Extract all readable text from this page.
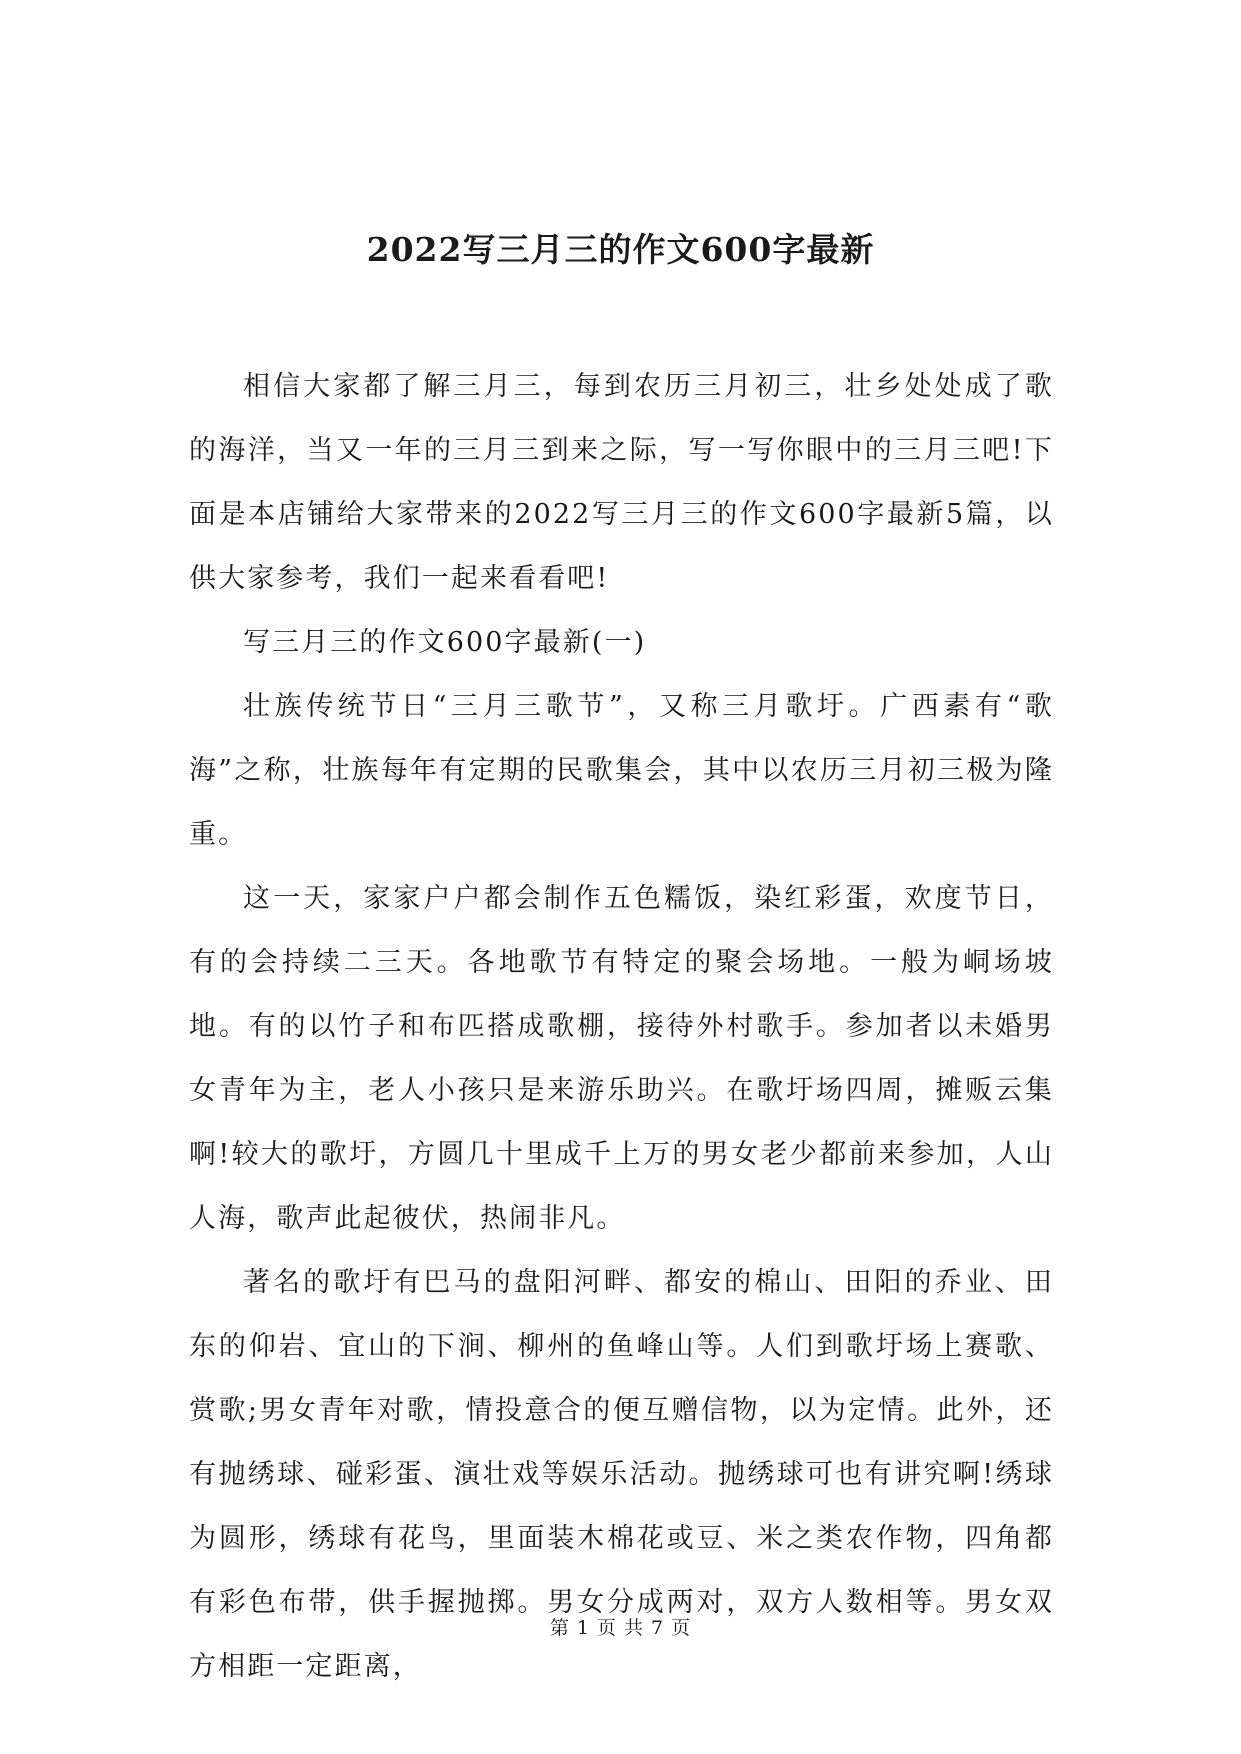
2022写三月三的作文600字最新

相信大家都了解三月三，每到农历三月初三，壮乡处处成了歌的海洋，当又一年的三月三到来之际，写一写你眼中的三月三吧!下面是本店铺给大家带来的2022写三月三的作文600字最新5篇，以供大家参考，我们一起来看看吧!

写三月三的作文600字最新(一)

壮族传统节日“三月三歌节”，又称三月歌圩。广西素有“歌海”之称，壮族每年有定期的民歌集会，其中以农历三月初三极为隆重。

这一天，家家户户都会制作五色糯饭，染红彩蛋，欢度节日，有的会持续二三天。各地歌节有特定的聚会场地。一般为峒场坡地。有的以竹子和布匹搭成歌棚，接待外村歌手。参加者以未婚男女青年为主，老人小孩只是来游乐助兴。在歌圩场四周，摊贩云集啊!较大的歌圩，方圆几十里成千上万的男女老少都前来参加，人山人海，歌声此起彼伏，热闹非凡。

著名的歌圩有巴马的盘阳河畔、都安的棉山、田阳的乔业、田东的仰岩、宜山的下涧、柳州的鱼峰山等。人们到歌圩场上赛歌、赏歌;男女青年对歌，情投意合的便互赠信物，以为定情。此外，还有抛绣球、碰彩蛋、演壮戏等娱乐活动。抛绣球可也有讲究啊!绣球为圆形，绣球有花鸟，里面装木棉花或豆、米之类农作物，四角都有彩色布带，供手握抛掷。男女分成两对，双方人数相等。男女双方相距一定距离，

第 1 页 共 7 页
